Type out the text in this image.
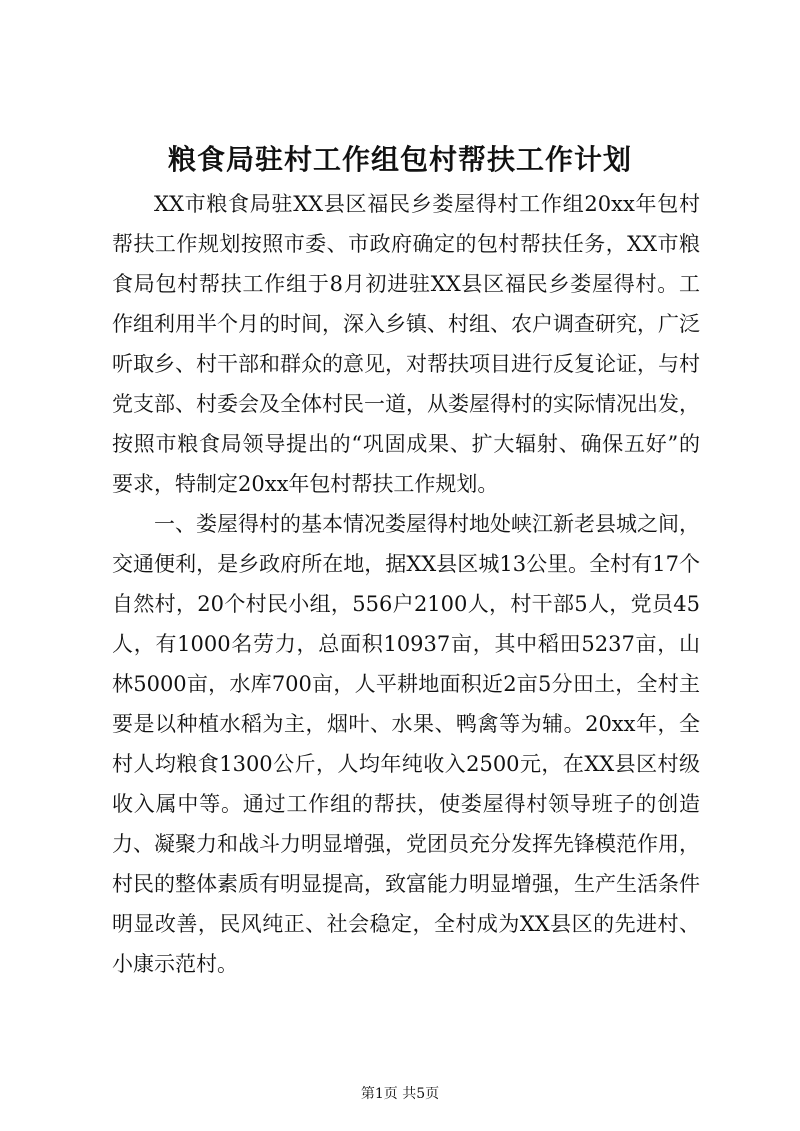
粮食局驻村工作组包村帮扶工作计划

XX市粮食局驻XX县区福民乡娄屋得村工作组20xx年包村帮扶工作规划按照市委、市政府确定的包村帮扶任务，XX市粮食局包村帮扶工作组于8月初进驻XX县区福民乡娄屋得村。工作组利用半个月的时间，深入乡镇、村组、农户调查研究，广泛听取乡、村干部和群众的意见，对帮扶项目进行反复论证，与村党支部、村委会及全体村民一道，从娄屋得村的实际情况出发，按照市粮食局领导提出的“巩固成果、扩大辐射、确保五好”的要求，特制定20xx年包村帮扶工作规划。

一、娄屋得村的基本情况娄屋得村地处峡江新老县城之间，交通便利，是乡政府所在地，据XX县区城13公里。全村有17个自然村，20个村民小组，556户2100人，村干部5人，党员45人，有1000名劳力，总面积10937亩，其中稻田5237亩，山林5000亩，水库700亩，人平耕地面积近2亩5分田土，全村主要是以种植水稻为主，烟叶、水果、鸭禽等为辅。20xx年，全村人均粮食1300公斤，人均年纯收入2500元，在XX县区村级收入属中等。通过工作组的帮扶，使娄屋得村领导班子的创造力、凝聚力和战斗力明显增强，党团员充分发挥先锋模范作用，村民的整体素质有明显提高，致富能力明显增强，生产生活条件明显改善，民风纯正、社会稳定，全村成为XX县区的先进村、小康示范村。

第1页 共5页
